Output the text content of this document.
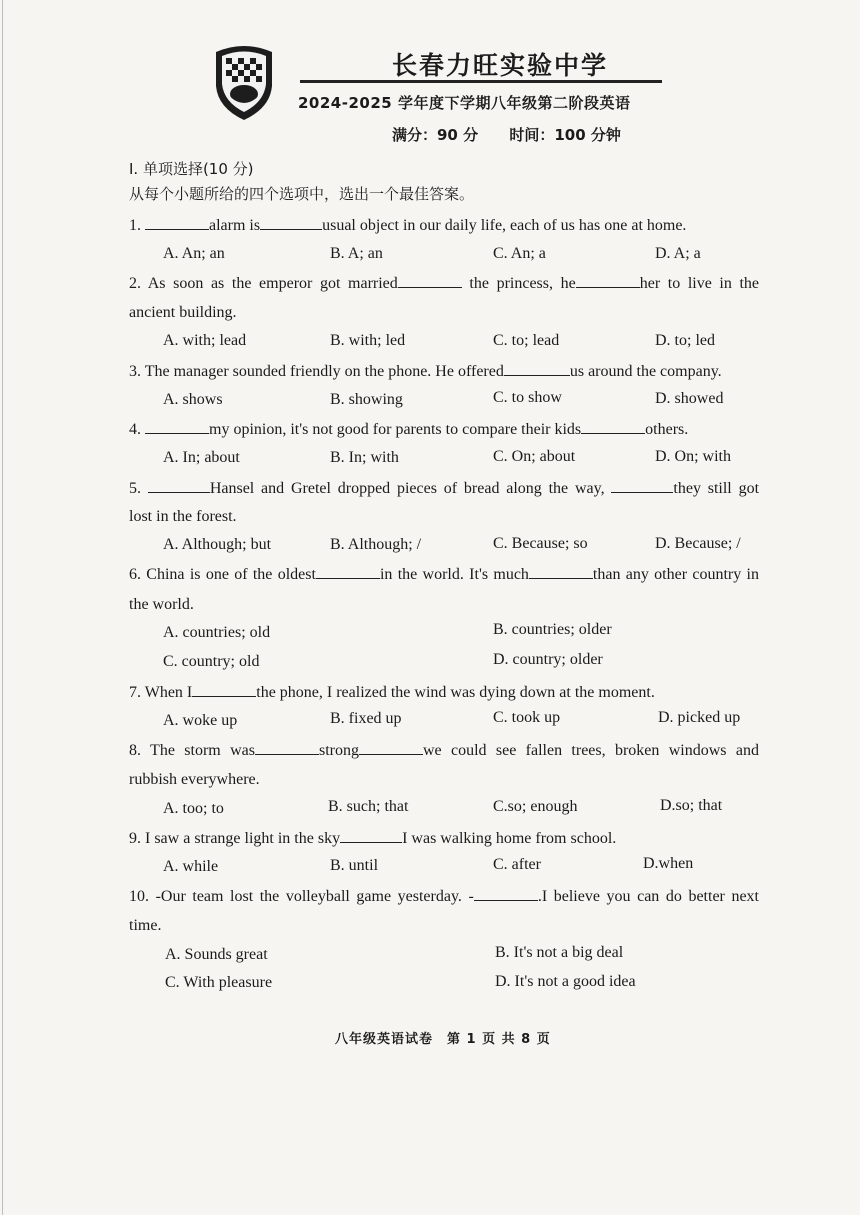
长春力旺实验中学
2024-2025 学年度下学期八年级第二阶段英语
满分：90 分 时间：100 分钟
I. 单项选择(10 分)
从每个小题所给的四个选项中，选出一个最佳答案。
1.	alarm is	usual object in our daily life, each of us has one at home.
A. An; an	B. A; an	C. An; a	D. A; a
2. As soon as the emperor got married	the princess, he	her to live in the
ancient building.
A. with; lead	B. with; led	C. to; lead	D. to; led
3. The manager sounded friendly on the phone. He offered	us around the company.
A. shows	B. showing	C. to show	D. showed
4.	my opinion, it's not good for parents to compare their kids	others.
A. In; about	B. In; with	C. On; about	D. On; with
5.	Hansel and Gretel dropped pieces of bread along the way,	they still got
lost in the forest.
A. Although; but	B. Although; /	C. Because; so	D. Because; /
6. China is one of the oldest	in the world. It's much	than any other country in
the world.
A. countries; old	B. countries; older
C. country; old	D. country; older
7. When I	the phone, I realized the wind was dying down at the moment.
A. woke up	B. fixed up	C. took up	D. picked up
8. The storm was	strong	we could see fallen trees, broken windows and
rubbish everywhere.
A. too; to	B. such; that	C.so; enough	D.so; that
9. I saw a strange light in the sky	I was walking home from school.
A. while	B. until	C. after	D.when
10. -Our team lost the volleyball game yesterday. -	.I believe you can do better next
time.
A. Sounds great	B. It's not a big deal
C. With pleasure	D. It's not a good idea
八年级英语试卷　第 1 页 共 8 页
